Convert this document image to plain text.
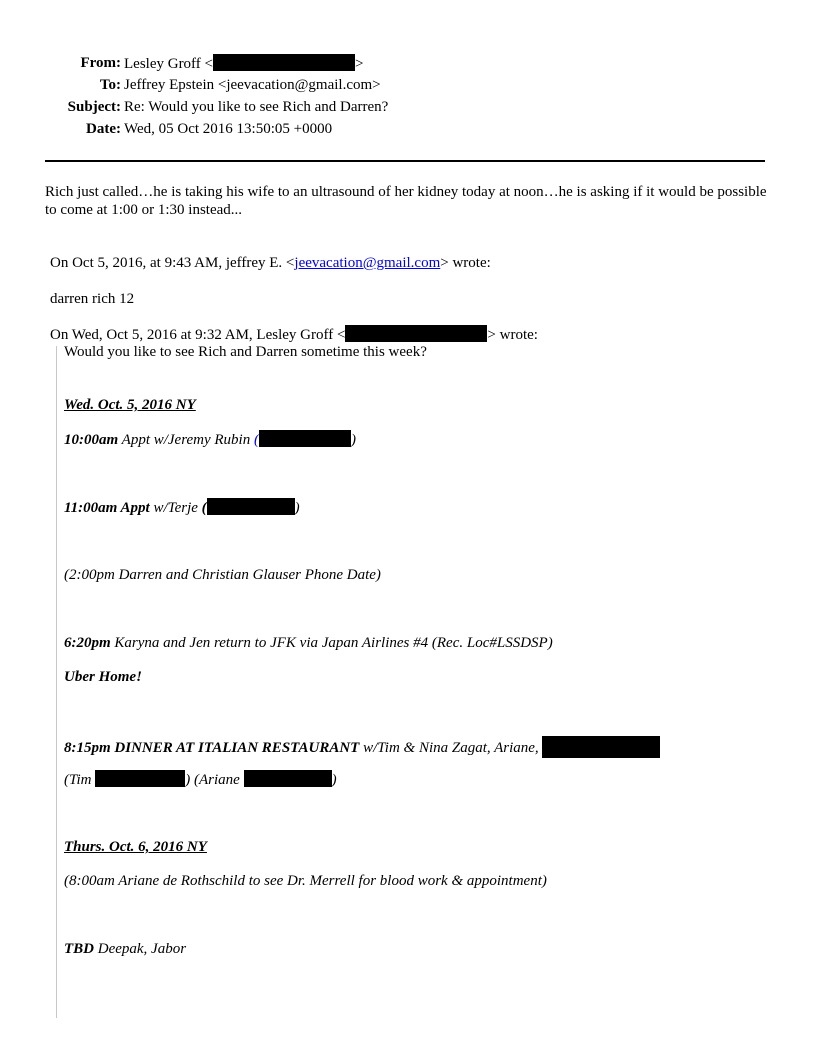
From: Lesley Groff <	>
To: Jeffrey Epstein <jeevacation@gmail.com>
Subject: Re: Would you like to see Rich and Darren?
Date: Wed, 05 Oct 2016 13:50:05 +0000
Rich just called…he is taking his wife to an ultrasound of her kidney today at noon…he is asking if it would be possible to come at 1:00 or 1:30 instead...
On Oct 5, 2016, at 9:43 AM, jeffrey E. <jeevacation@gmail.com> wrote:
darren rich 12
On Wed, Oct 5, 2016 at 9:32 AM, Lesley Groff <	> wrote:
Would you like to see Rich and Darren sometime this week?
Wed. Oct. 5, 2016 NY
10:00am Appt w/Jeremy Rubin (	)
11:00am Appt w/Terje (	)
(2:00pm Darren and Christian Glauser Phone Date)
6:20pm Karyna and Jen return to JFK via Japan Airlines #4 (Rec. Loc#LSSDSP)
Uber Home!
8:15pm DINNER AT ITALIAN RESTAURANT w/Tim & Nina Zagat, Ariane,
(Tim	) (Ariane	)
Thurs. Oct. 6, 2016 NY
(8:00am Ariane de Rothschild to see Dr. Merrell for blood work & appointment)
TBD Deepak, Jabor
